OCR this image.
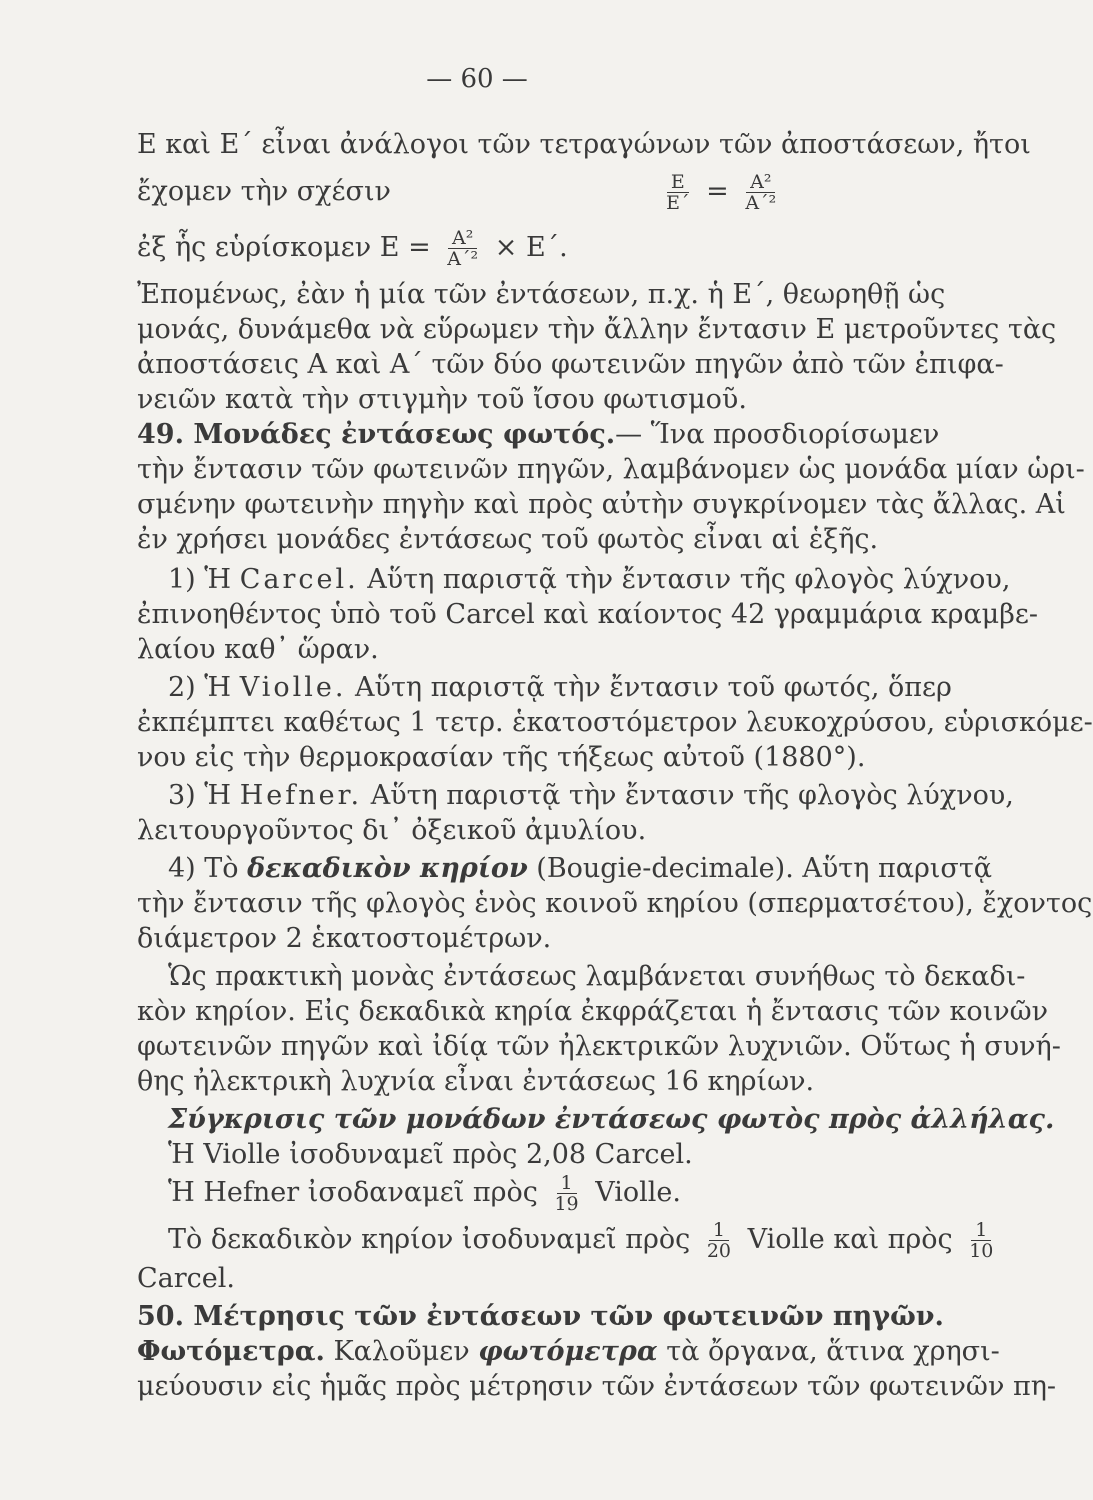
— 60 —
Ε καὶ Ε΄ εἶναι ἀνάλογοι τῶν τετραγώνων τῶν ἀποστάσεων, ἤτοι
ἔχομεν τὴν σχέσιν	$\frac{E}{E΄} = \frac{\text{Α²}}{\text{Α΄²}}$
ἐξ ἧς εὑρίσκομεν $E = \frac{\text{Α²}}{\text{Α΄²}} \times E΄$.
Ἐπομένως, ἐὰν ἡ μία τῶν ἐντάσεων, π.χ. ἡ Ε΄, θεωρηθῇ ὡς
μονάς, δυνάμεθα νὰ εὕρωμεν τὴν ἄλλην ἔντασιν Ε μετροῦντες τὰς
ἀποστάσεις Α καὶ Α΄ τῶν δύο φωτεινῶν πηγῶν ἀπὸ τῶν ἐπιφα-
νειῶν κατὰ τὴν στιγμὴν τοῦ ἴσου φωτισμοῦ.
49. Μονάδες ἐντάσεως φωτός.— Ἵνα προσδιορίσωμεν
τὴν ἔντασιν τῶν φωτεινῶν πηγῶν, λαμβάνομεν ὡς μονάδα μίαν ὡρι-
σμένην φωτεινὴν πηγὴν καὶ πρὸς αὐτὴν συγκρίνομεν τὰς ἄλλας. Αἱ
ἐν χρήσει μονάδες ἐντάσεως τοῦ φωτὸς εἶναι αἱ ἑξῆς.
1) Ἡ Carcel. Αὕτη παριστᾷ τὴν ἔντασιν τῆς φλογὸς λύχνου,
ἐπινοηθέντος ὑπὸ τοῦ Carcel καὶ καίοντος 42 γραμμάρια κραμβε-
λαίου καθ᾿ ὥραν.
2) Ἡ Violle. Αὕτη παριστᾷ τὴν ἔντασιν τοῦ φωτός, ὅπερ
ἐκπέμπτει καθέτως 1 τετρ. ἑκατοστόμετρον λευκοχρύσου, εὑρισκόμε-
νου εἰς τὴν θερμοκρασίαν τῆς τήξεως αὐτοῦ (1880°).
3) Ἡ Hefner. Αὕτη παριστᾷ τὴν ἔντασιν τῆς φλογὸς λύχνου,
λειτουργοῦντος δι᾿ ὀξεικοῦ ἀμυλίου.
4) Τὸ δεκαδικὸν κηρίον (Bougie-decimale). Αὕτη παριστᾷ
τὴν ἔντασιν τῆς φλογὸς ἑνὸς κοινοῦ κηρίου (σπερματσέτου), ἔχοντος
διάμετρον 2 ἑκατοστομέτρων.
Ὡς πρακτικὴ μονὰς ἐντάσεως λαμβάνεται συνήθως τὸ δεκαδι-
κὸν κηρίον. Εἰς δεκαδικὰ κηρία ἐκφράζεται ἡ ἔντασις τῶν κοινῶν
φωτεινῶν πηγῶν καὶ ἰδίᾳ τῶν ἠλεκτρικῶν λυχνιῶν. Οὕτως ἡ συνή-
θης ἠλεκτρικὴ λυχνία εἶναι ἐντάσεως 16 κηρίων.
Σύγκρισις τῶν μονάδων ἐντάσεως φωτὸς πρὸς ἀλλήλας.
Ἡ Violle ἰσοδυναμεῖ πρὸς 2,08 Carcel.
Ἡ Hefner ἰσοδαναμεῖ πρὸς $\frac{1}{19}$ Violle.
Τὸ δεκαδικὸν κηρίον ἰσοδυναμεῖ πρὸς $\frac{1}{20}$ Violle καὶ πρὸς $\frac{1}{10}$
Carcel.
50. Μέτρησις τῶν ἐντάσεων τῶν φωτεινῶν πηγῶν.
Φωτόμετρα. Καλοῦμεν φωτόμετρα τὰ ὄργανα, ἅτινα χρησι-
μεύουσιν εἰς ἡμᾶς πρὸς μέτρησιν τῶν ἐντάσεων τῶν φωτεινῶν πη-
